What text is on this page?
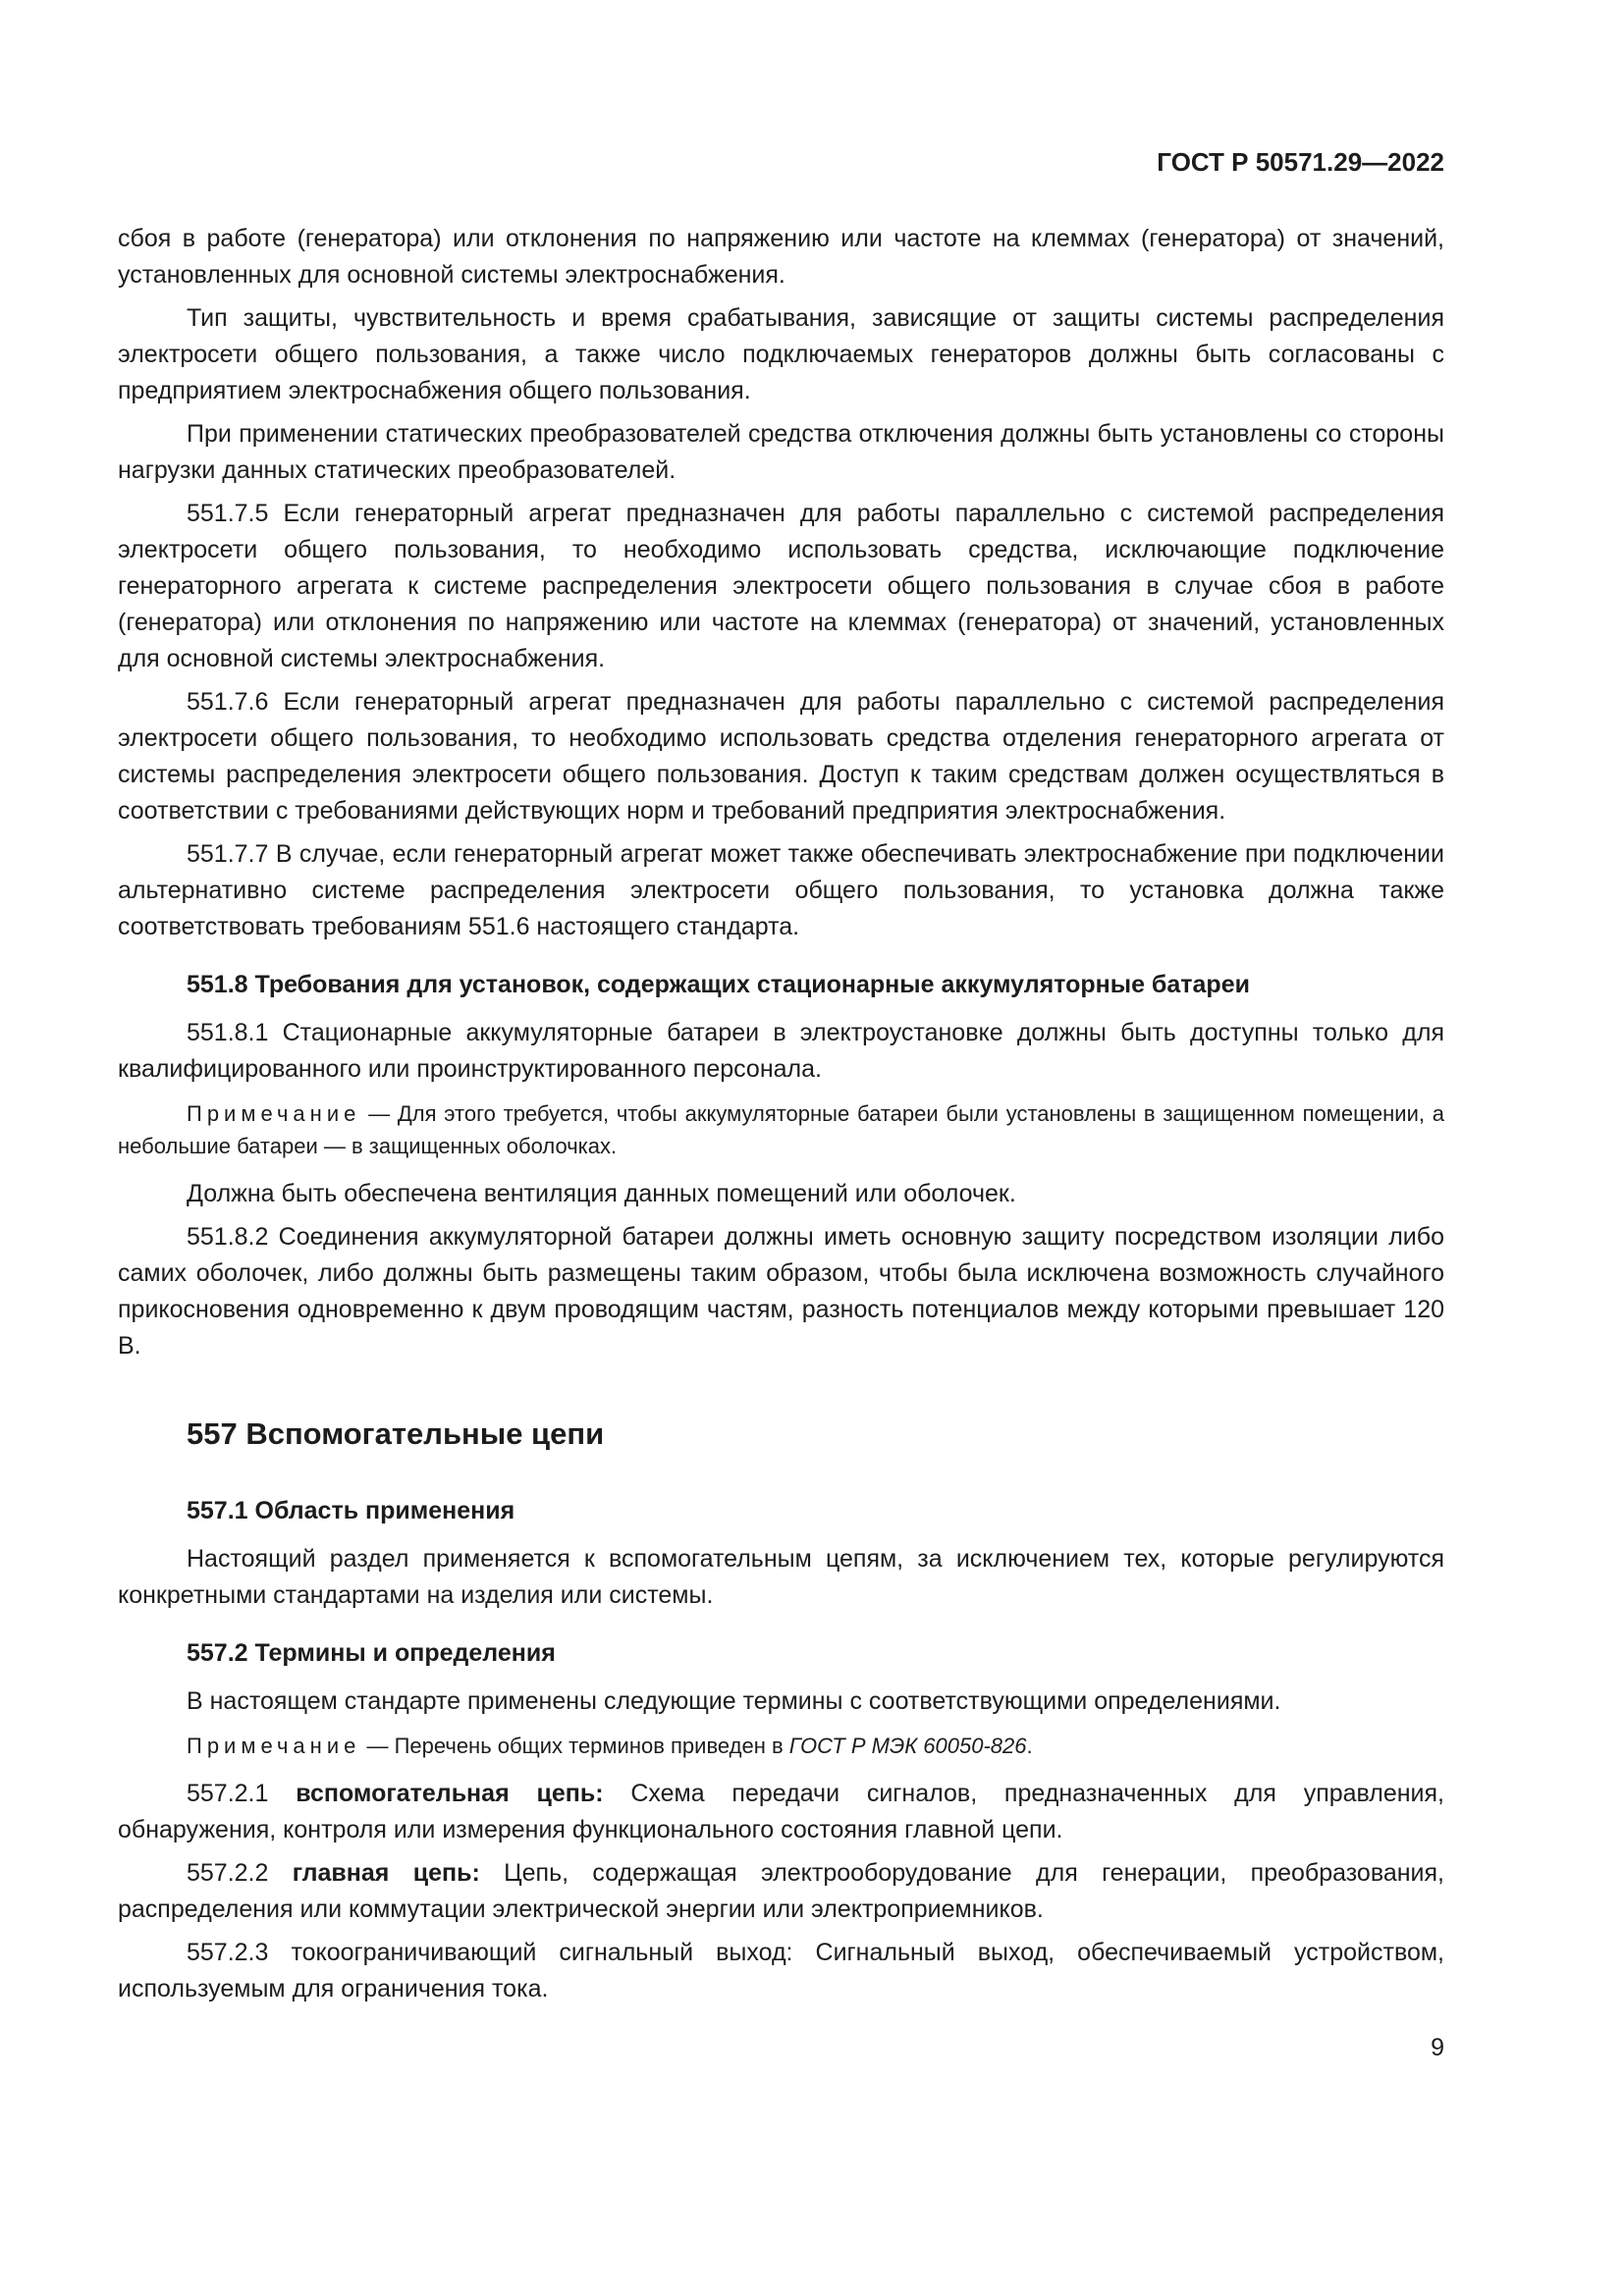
ГОСТ Р 50571.29—2022

сбоя в работе (генератора) или отклонения по напряжению или частоте на клеммах (генератора) от значений, установленных для основной системы электроснабжения.

Тип защиты, чувствительность и время срабатывания, зависящие от защиты системы распределения электросети общего пользования, а также число подключаемых генераторов должны быть согласованы с предприятием электроснабжения общего пользования.

При применении статических преобразователей средства отключения должны быть установлены со стороны нагрузки данных статических преобразователей.

551.7.5 Если генераторный агрегат предназначен для работы параллельно с системой распределения электросети общего пользования, то необходимо использовать средства, исключающие подключение генераторного агрегата к системе распределения электросети общего пользования в случае сбоя в работе (генератора) или отклонения по напряжению или частоте на клеммах (генератора) от значений, установленных для основной системы электроснабжения.

551.7.6 Если генераторный агрегат предназначен для работы параллельно с системой распределения электросети общего пользования, то необходимо использовать средства отделения генераторного агрегата от системы распределения электросети общего пользования. Доступ к таким средствам должен осуществляться в соответствии с требованиями действующих норм и требований предприятия электроснабжения.

551.7.7 В случае, если генераторный агрегат может также обеспечивать электроснабжение при подключении альтернативно системе распределения электросети общего пользования, то установка должна также соответствовать требованиям 551.6 настоящего стандарта.

551.8 Требования для установок, содержащих стационарные аккумуляторные батареи

551.8.1 Стационарные аккумуляторные батареи в электроустановке должны быть доступны только для квалифицированного или проинструктированного персонала.

Примечание — Для этого требуется, чтобы аккумуляторные батареи были установлены в защищенном помещении, а небольшие батареи — в защищенных оболочках.

Должна быть обеспечена вентиляция данных помещений или оболочек.

551.8.2 Соединения аккумуляторной батареи должны иметь основную защиту посредством изоляции либо самих оболочек, либо должны быть размещены таким образом, чтобы была исключена возможность случайного прикосновения одновременно к двум проводящим частям, разность потенциалов между которыми превышает 120 В.

557 Вспомогательные цепи
557.1 Область применения

Настоящий раздел применяется к вспомогательным цепям, за исключением тех, которые регулируются конкретными стандартами на изделия или системы.

557.2 Термины и определения

В настоящем стандарте применены следующие термины с соответствующими определениями.

Примечание — Перечень общих терминов приведен в ГОСТ Р МЭК 60050-826.

557.2.1 вспомогательная цепь: Схема передачи сигналов, предназначенных для управления, обнаружения, контроля или измерения функционального состояния главной цепи.

557.2.2 главная цепь: Цепь, содержащая электрооборудование для генерации, преобразования, распределения или коммутации электрической энергии или электроприемников.

557.2.3 токоограничивающий сигнальный выход: Сигнальный выход, обеспечиваемый устройством, используемым для ограничения тока.

9
